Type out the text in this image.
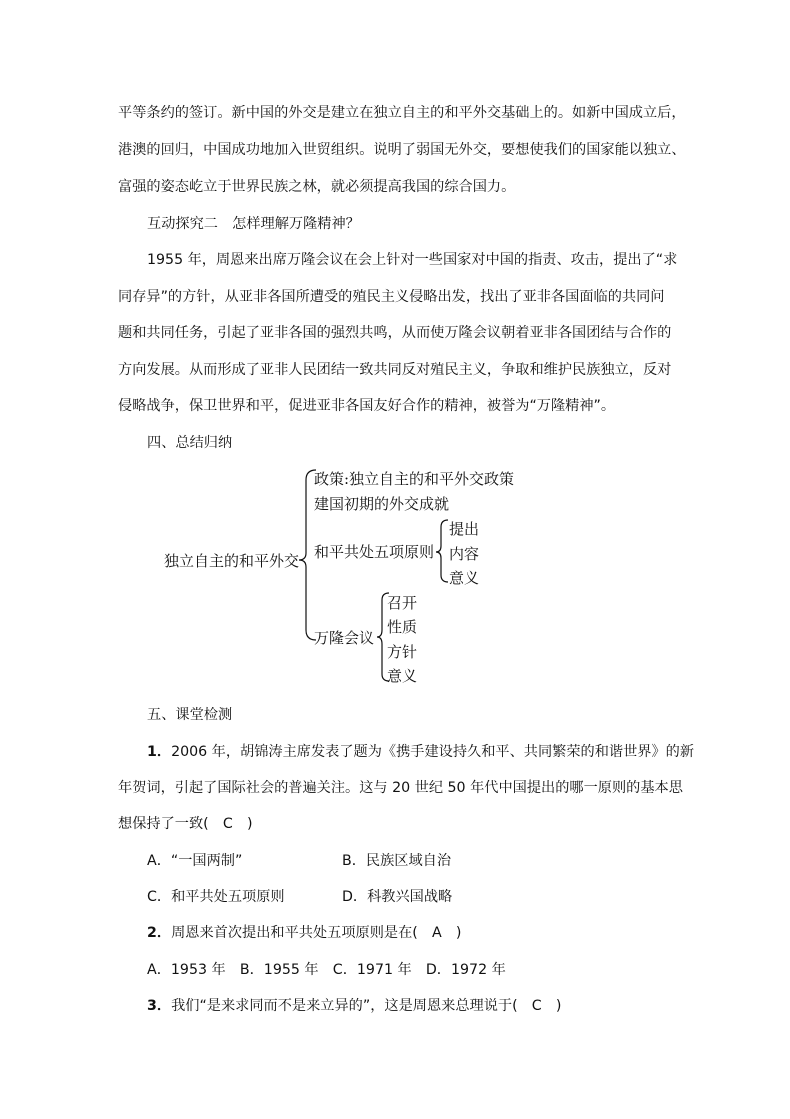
平等条约的签订。新中国的外交是建立在独立自主的和平外交基础上的。如新中国成立后，
港澳的回归，中国成功地加入世贸组织。说明了弱国无外交，要想使我们的国家能以独立、
富强的姿态屹立于世界民族之林，就必须提高我国的综合国力。
互动探究二　怎样理解万隆精神？
1955 年，周恩来出席万隆会议在会上针对一些国家对中国的指责、攻击，提出了“求
同存异”的方针，从亚非各国所遭受的殖民主义侵略出发，找出了亚非各国面临的共同问
题和共同任务，引起了亚非各国的强烈共鸣，从而使万隆会议朝着亚非各国团结与合作的
方向发展。从而形成了亚非人民团结一致共同反对殖民主义，争取和维护民族独立，反对
侵略战争，保卫世界和平，促进亚非各国友好合作的精神，被誉为“万隆精神”。
四、总结归纳
独立自主的和平外交
政策:独立自主的和平外交政策
建国初期的外交成就
和平共处五项原则
提出
内容
意义
万隆会议
召开
性质
方针
意义
五、课堂检测
1．2006 年，胡锦涛主席发表了题为《携手建设持久和平、共同繁荣的和谐世界》的新
年贺词，引起了国际社会的普遍关注。这与 20 世纪 50 年代中国提出的哪一原则的基本思
想保持了一致(　C　)
A．“一国两制”	B．民族区域自治
C．和平共处五项原则	D．科教兴国战略
2．周恩来首次提出和平共处五项原则是在(　A　)
A．1953 年　B．1955 年　C．1971 年　D．1972 年
3．我们“是来求同而不是来立异的”，这是周恩来总理说于(　C　)
